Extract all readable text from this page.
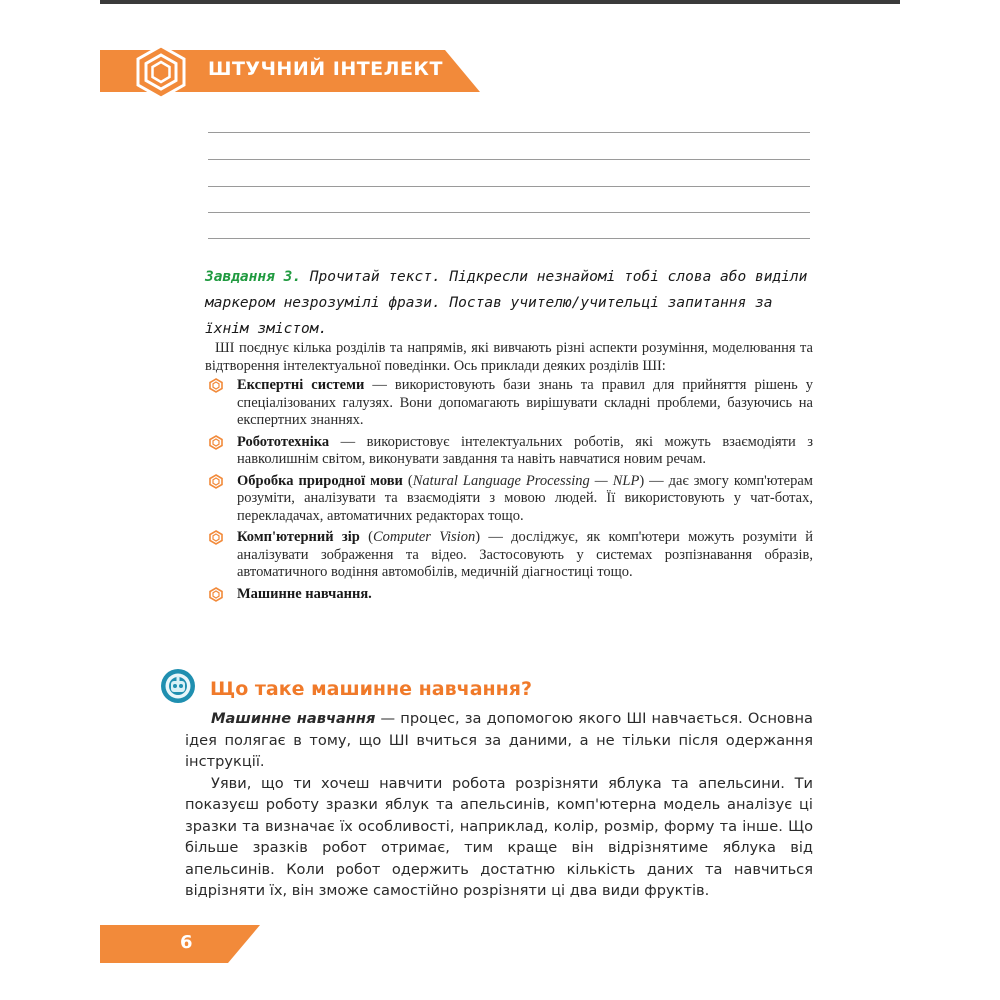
ШТУЧНИЙ ІНТЕЛЕКТ
Завдання 3. Прочитай текст. Підкресли незнайомі тобі слова або виділи маркером незрозумілі фрази. Постав учителю/учительці запитання за їхнім змістом.

ШІ поєднує кілька розділів та напрямів, які вивчають різні аспекти розуміння, моделювання та відтворення інтелектуальної поведінки. Ось приклади деяких розділів ШІ:

Експертні системи — використовують бази знань та правил для прийняття рішень у спеціалізованих галузях. Вони допомагають вирішувати складні проблеми, базуючись на експертних знаннях.
Робототехніка — використовує інтелектуальних роботів, які можуть взаємодіяти з навколишнім світом, виконувати завдання та навіть навчатися новим речам.
Обробка природної мови (Natural Language Processing — NLP) — дає змогу комп'ютерам розуміти, аналізувати та взаємодіяти з мовою людей. Її використовують у чат-ботах, перекладачах, автоматичних редакторах тощо.
Комп'ютерний зір (Computer Vision) — досліджує, як комп'ютери можуть розуміти й аналізувати зображення та відео. Застосовують у системах розпізнавання образів, автоматичного водіння автомобілів, медичній діагностиці тощо.
Машинне навчання.
Що таке машинне навчання?

Машинне навчання — процес, за допомогою якого ШІ навчається. Основна ідея полягає в тому, що ШІ вчиться за даними, а не тільки після одержання інструкції.

Уяви, що ти хочеш навчити робота розрізняти яблука та апельсини. Ти показуєш роботу зразки яблук та апельсинів, комп'ютерна модель аналізує ці зразки та визначає їх особливості, наприклад, колір, розмір, форму та інше. Що більше зразків робот отримає, тим краще він відрізнятиме яблука від апельсинів. Коли робот одержить достатню кількість даних та навчиться відрізняти їх, він зможе самостійно розрізняти ці два види фруктів.

6
